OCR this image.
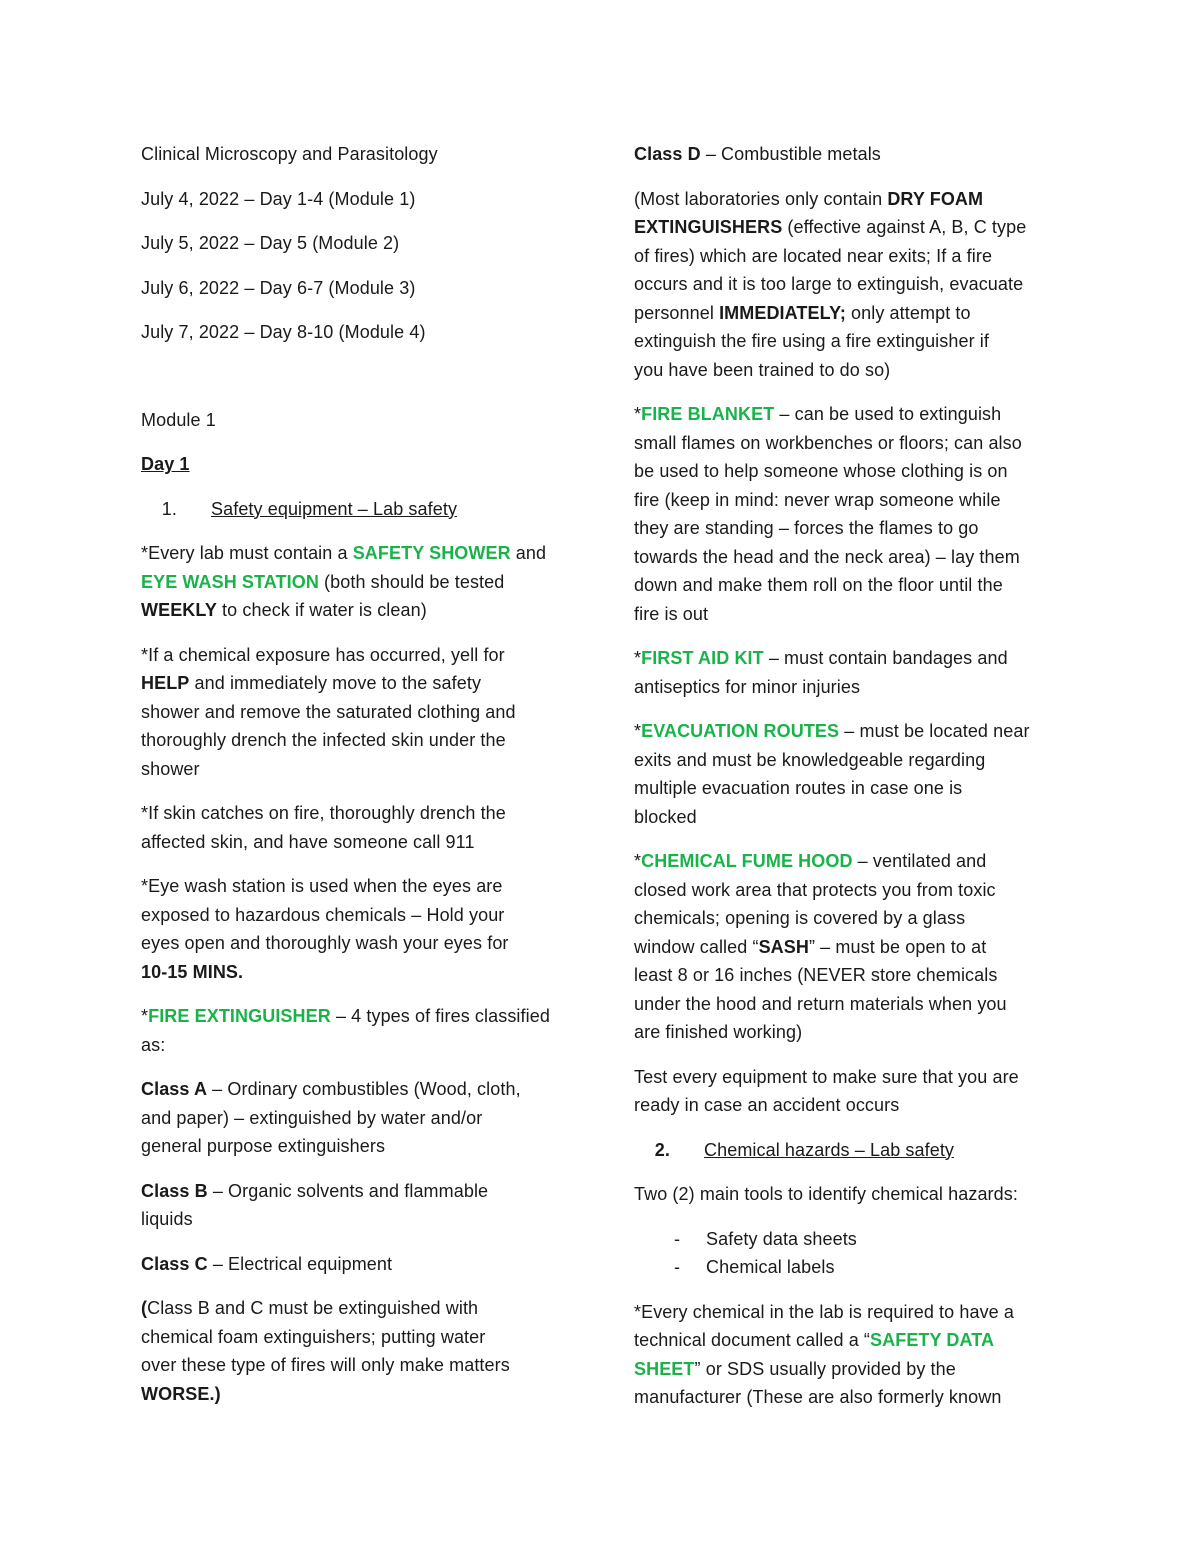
Clinical Microscopy and Parasitology

July 4, 2022 – Day 1-4 (Module 1)

July 5, 2022 – Day 5 (Module 2)

July 6, 2022 – Day 6-7 (Module 3)

July 7, 2022 – Day 8-10 (Module 4)

Module 1

Day 1

1.	Safety equipment – Lab safety

*Every lab must contain a SAFETY SHOWER and

EYE WASH STATION (both should be tested

WEEKLY to check if water is clean)

*If a chemical exposure has occurred, yell for

HELP and immediately move to the safety

shower and remove the saturated clothing and

thoroughly drench the infected skin under the

shower

*If skin catches on fire, thoroughly drench the

affected skin, and have someone call 911

*Eye wash station is used when the eyes are

exposed to hazardous chemicals – Hold your

eyes open and thoroughly wash your eyes for

10-15 MINS.

*FIRE EXTINGUISHER – 4 types of fires classified

as:

Class A – Ordinary combustibles (Wood, cloth,

and paper) – extinguished by water and/or

general purpose extinguishers

Class B – Organic solvents and flammable

liquids

Class C – Electrical equipment

(Class B and C must be extinguished with

chemical foam extinguishers; putting water

over these type of fires will only make matters

WORSE.)

Class D – Combustible metals

(Most laboratories only contain DRY FOAM

EXTINGUISHERS (effective against A, B, C type

of fires) which are located near exits; If a fire

occurs and it is too large to extinguish, evacuate

personnel IMMEDIATELY; only attempt to

extinguish the fire using a fire extinguisher if

you have been trained to do so)

*FIRE BLANKET – can be used to extinguish

small flames on workbenches or floors; can also

be used to help someone whose clothing is on

fire (keep in mind: never wrap someone while

they are standing – forces the flames to go

towards the head and the neck area) – lay them

down and make them roll on the floor until the

fire is out

*FIRST AID KIT – must contain bandages and

antiseptics for minor injuries

*EVACUATION ROUTES – must be located near

exits and must be knowledgeable regarding

multiple evacuation routes in case one is

blocked

*CHEMICAL FUME HOOD – ventilated and

closed work area that protects you from toxic

chemicals; opening is covered by a glass

window called “SASH” – must be open to at

least 8 or 16 inches (NEVER store chemicals

under the hood and return materials when you

are finished working)

Test every equipment to make sure that you are

ready in case an accident occurs

2.	Chemical hazards – Lab safety

Two (2) main tools to identify chemical hazards:

- Safety data sheets

- Chemical labels

*Every chemical in the lab is required to have a

technical document called a “SAFETY DATA

SHEET” or SDS usually provided by the

manufacturer (These are also formerly known
